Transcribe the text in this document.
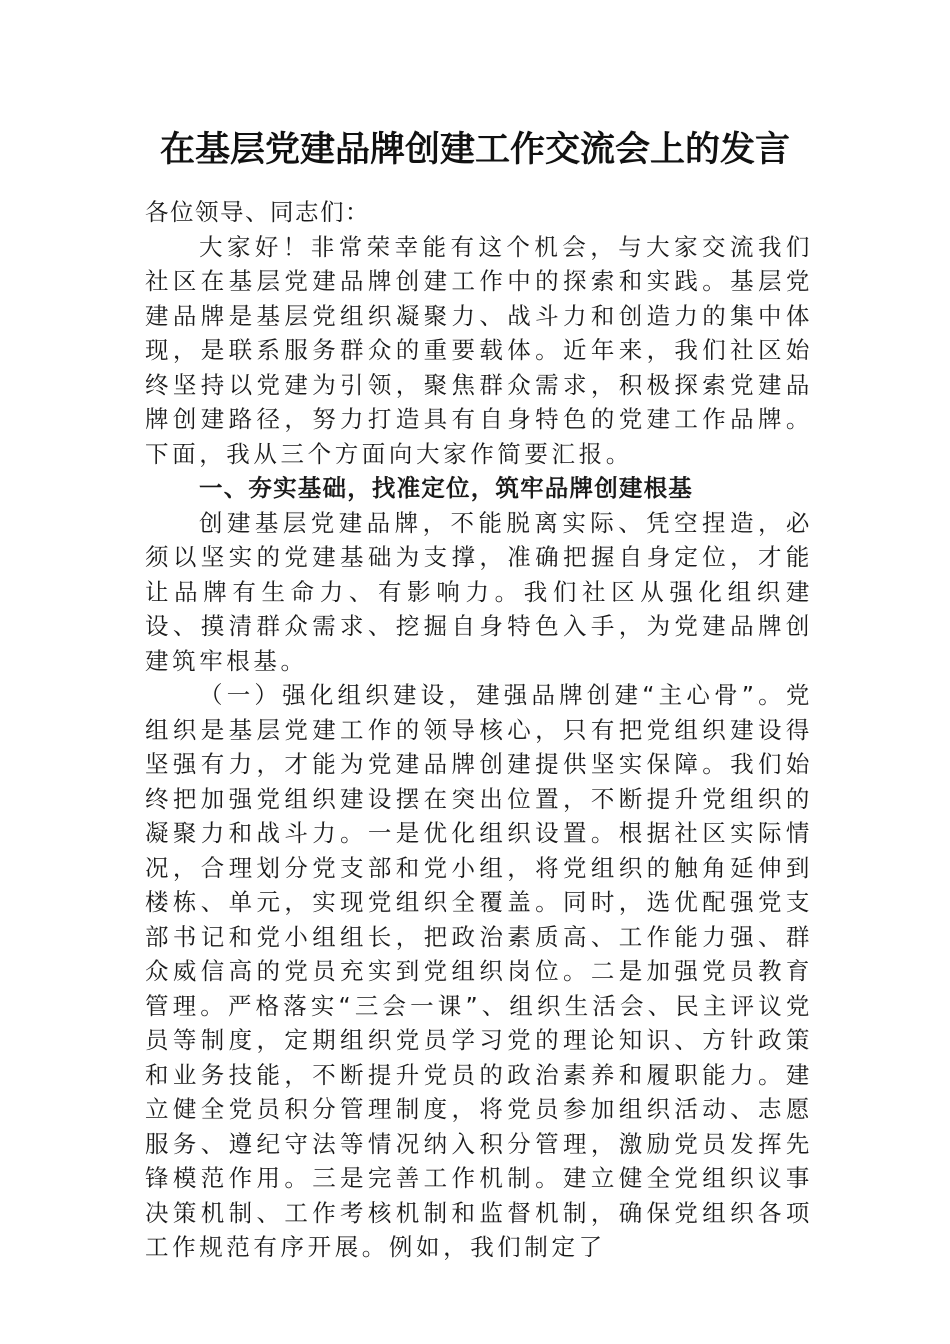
在基层党建品牌创建工作交流会上的发言

各位领导、同志们：

大家好！非常荣幸能有这个机会，与大家交流我们社区在基层党建品牌创建工作中的探索和实践。基层党建品牌是基层党组织凝聚力、战斗力和创造力的集中体现，是联系服务群众的重要载体。近年来，我们社区始终坚持以党建为引领，聚焦群众需求，积极探索党建品牌创建路径，努力打造具有自身特色的党建工作品牌。下面，我从三个方面向大家作简要汇报。

一、夯实基础，找准定位，筑牢品牌创建根基

创建基层党建品牌，不能脱离实际、凭空捏造，必须以坚实的党建基础为支撑，准确把握自身定位，才能让品牌有生命力、有影响力。我们社区从强化组织建设、摸清群众需求、挖掘自身特色入手，为党建品牌创建筑牢根基。

（一）强化组织建设，建强品牌创建“主心骨”。党组织是基层党建工作的领导核心，只有把党组织建设得坚强有力，才能为党建品牌创建提供坚实保障。我们始终把加强党组织建设摆在突出位置，不断提升党组织的凝聚力和战斗力。一是优化组织设置。根据社区实际情况，合理划分党支部和党小组，将党组织的触角延伸到楼栋、单元，实现党组织全覆盖。同时，选优配强党支部书记和党小组组长，把政治素质高、工作能力强、群众威信高的党员充实到党组织岗位。二是加强党员教育管理。严格落实“三会一课”、组织生活会、民主评议党员等制度，定期组织党员学习党的理论知识、方针政策和业务技能，不断提升党员的政治素养和履职能力。建立健全党员积分管理制度，将党员参加组织活动、志愿服务、遵纪守法等情况纳入积分管理，激励党员发挥先锋模范作用。三是完善工作机制。建立健全党组织议事决策机制、工作考核机制和监督机制，确保党组织各项工作规范有序开展。例如，我们制定了
